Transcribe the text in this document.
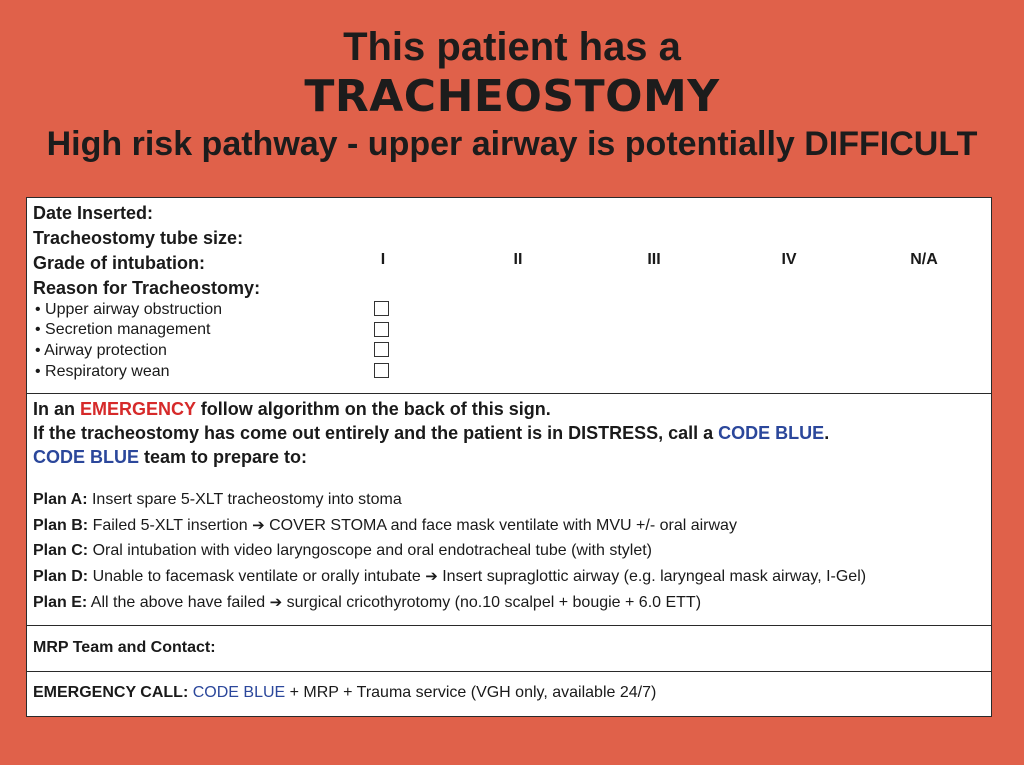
This patient has a
TRACHEOSTOMY
High risk pathway - upper airway is potentially DIFFICULT
Date Inserted:
Tracheostomy tube size:
Grade of intubation:	I	II	III	IV	N/A
Reason for Tracheostomy:
• Upper airway obstruction
• Secretion management
• Airway protection
• Respiratory wean
In an EMERGENCY follow algorithm on the back of this sign.
If the tracheostomy has come out entirely and the patient is in DISTRESS, call a CODE BLUE.
CODE BLUE team to prepare to:
Plan A: Insert spare 5-XLT tracheostomy into stoma
Plan B: Failed 5-XLT insertion ➔ COVER STOMA and face mask ventilate with MVU +/- oral airway
Plan C: Oral intubation with video laryngoscope and oral endotracheal tube (with stylet)
Plan D: Unable to facemask ventilate or orally intubate ➔ Insert supraglottic airway (e.g. laryngeal mask airway, I-Gel)
Plan E: All the above have failed ➔ surgical cricothyrotomy (no.10 scalpel + bougie + 6.0 ETT)
MRP Team and Contact:
EMERGENCY CALL: CODE BLUE + MRP + Trauma service (VGH only, available 24/7)
